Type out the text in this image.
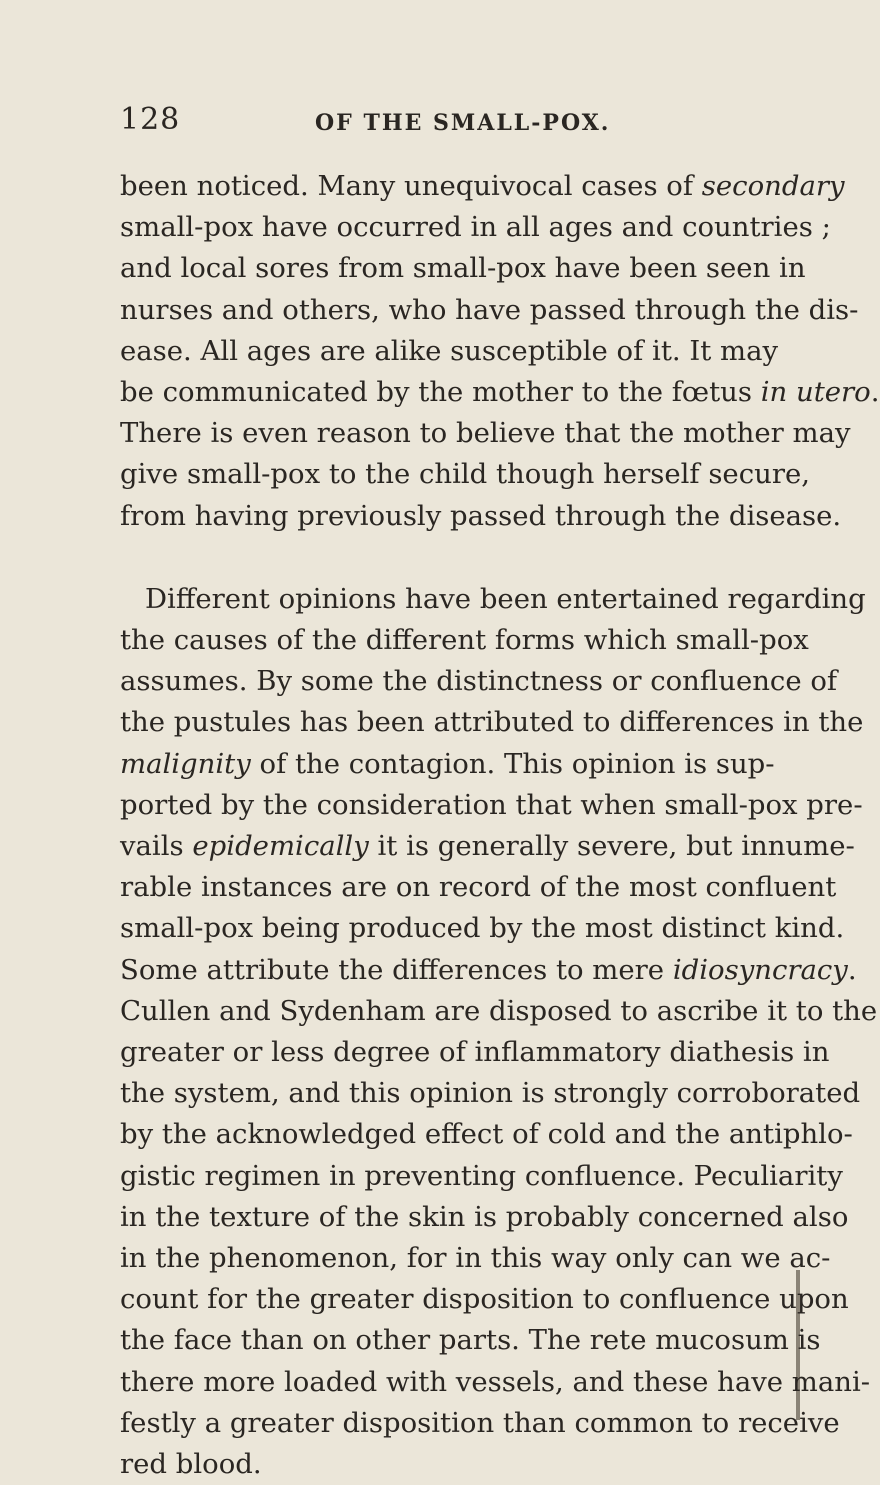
128	OF THE SMALL-POX.
been noticed. Many unequivocal cases of secondary
small-pox have occurred in all ages and countries ;
and local sores from small-pox have been seen in
nurses and others, who have passed through the dis-
ease. All ages are alike susceptible of it. It may
be communicated by the mother to the fœtus in utero.
There is even reason to believe that the mother may
give small-pox to the child though herself secure,
from having previously passed through the disease.
Different opinions have been entertained regarding
the causes of the different forms which small-pox
assumes. By some the distinctness or confluence of
the pustules has been attributed to differences in the
malignity of the contagion. This opinion is sup-
ported by the consideration that when small-pox pre-
vails epidemically it is generally severe, but innume-
rable instances are on record of the most confluent
small-pox being produced by the most distinct kind.
Some attribute the differences to mere idiosyncracy.
Cullen and Sydenham are disposed to ascribe it to the
greater or less degree of inflammatory diathesis in
the system, and this opinion is strongly corroborated
by the acknowledged effect of cold and the antiphlo-
gistic regimen in preventing confluence. Peculiarity
in the texture of the skin is probably concerned also
in the phenomenon, for in this way only can we ac-
count for the greater disposition to confluence upon
the face than on other parts. The rete mucosum is
there more loaded with vessels, and these have mani-
festly a greater disposition than common to receive
red blood.
